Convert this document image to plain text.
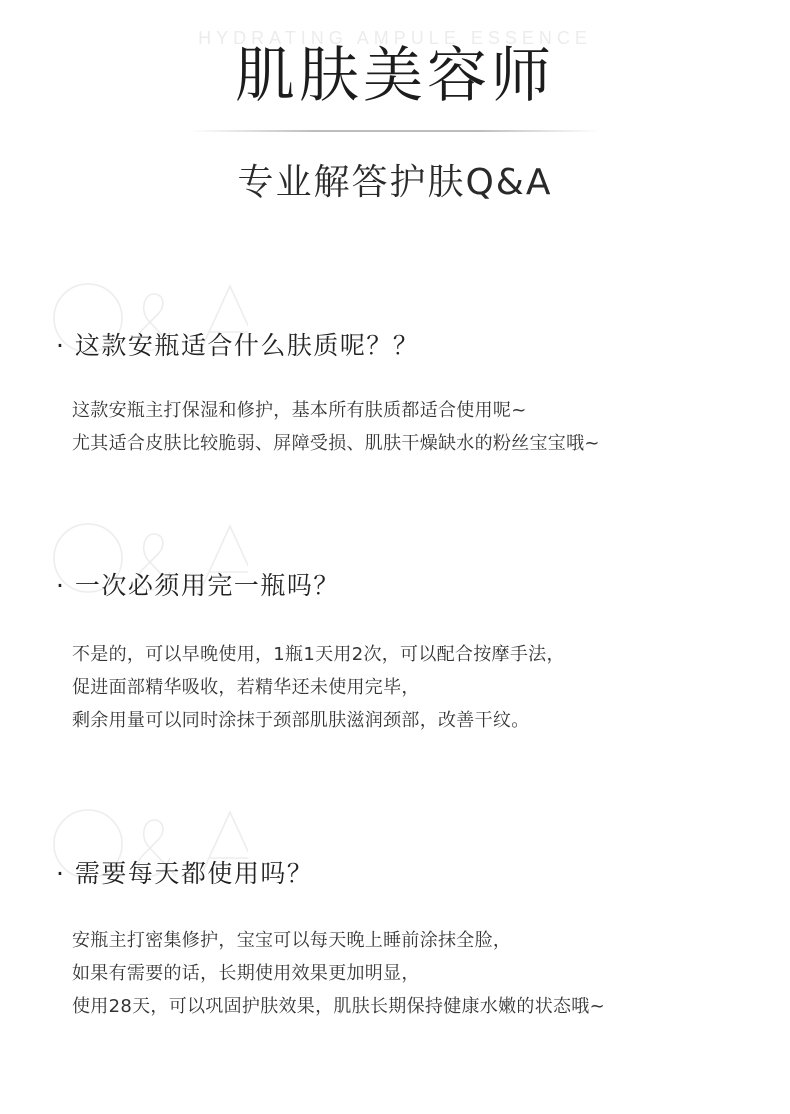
HYDRATING AMPULE ESSENCE
肌肤美容师
专业解答护肤Q&A
· 这款安瓶适合什么肤质呢？？
这款安瓶主打保湿和修护，基本所有肤质都适合使用呢~
尤其适合皮肤比较脆弱、屏障受损、肌肤干燥缺水的粉丝宝宝哦~
· 一次必须用完一瓶吗？
不是的，可以早晚使用，1瓶1天用2次，可以配合按摩手法，
促进面部精华吸收，若精华还未使用完毕，
剩余用量可以同时涂抹于颈部肌肤滋润颈部，改善干纹。
· 需要每天都使用吗？
安瓶主打密集修护，宝宝可以每天晚上睡前涂抹全脸，
如果有需要的话，长期使用效果更加明显，
使用28天，可以巩固护肤效果，肌肤长期保持健康水嫩的状态哦~
